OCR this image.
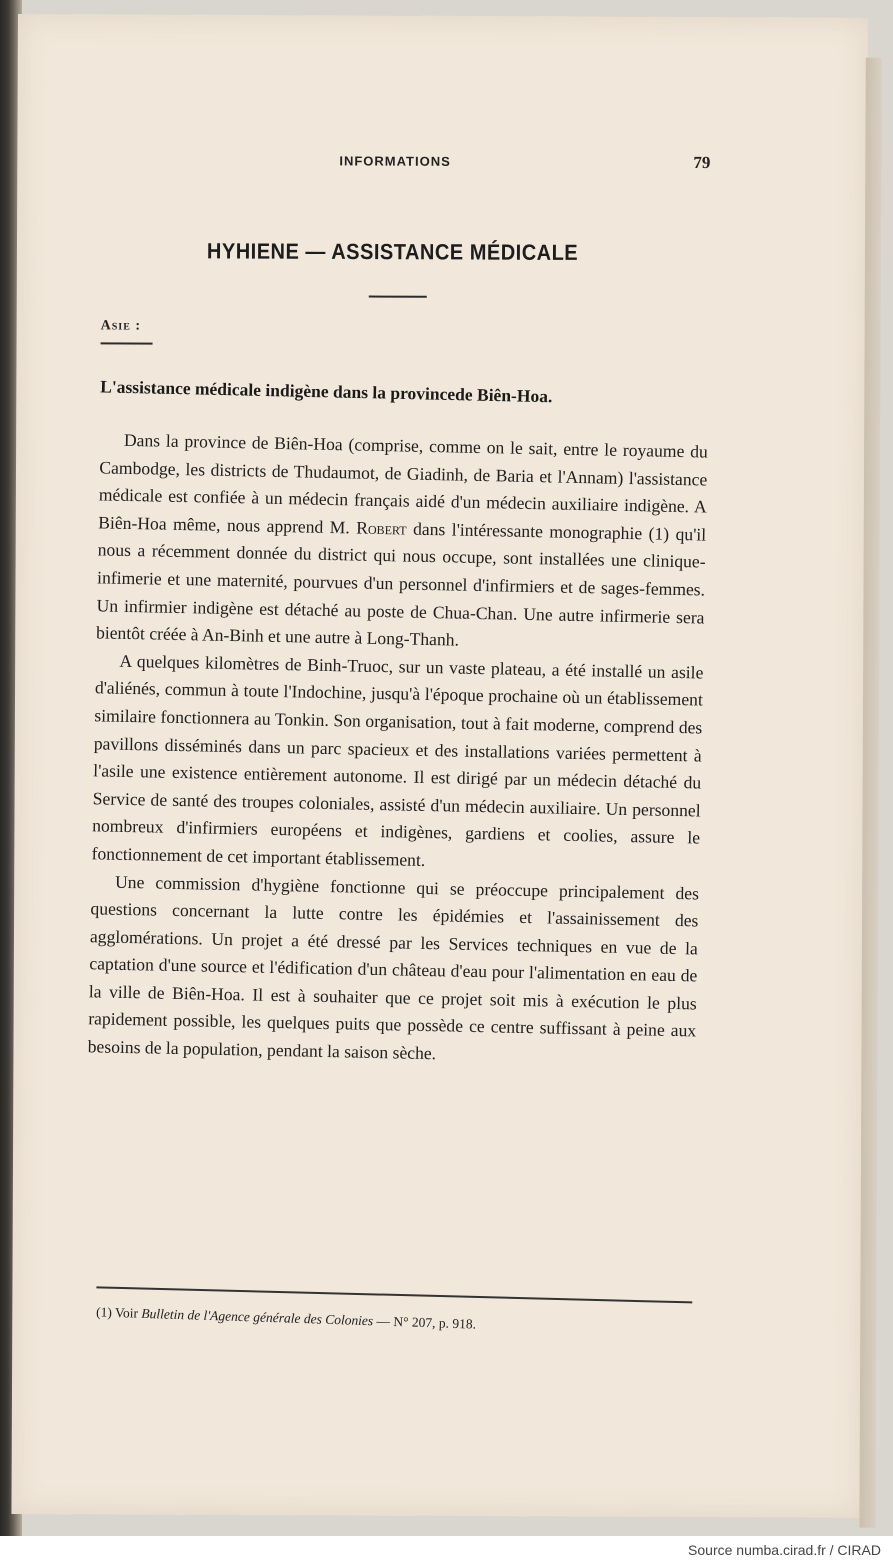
INFORMATIONS	79
HYHIENE — ASSISTANCE MÉDICALE
Asie :
L'assistance médicale indigène dans la provincede Biên-Hoa.

Dans la province de Biên-Hoa (comprise, comme on le sait, entre le royaume du Cambodge, les districts de Thudaumot, de Giadinh, de Baria et l'Annam) l'assistance médicale est confiée à un médecin français aidé d'un médecin auxiliaire indigène. A Biên-Hoa même, nous apprend M. Robert dans l'intéressante monographie (1) qu'il nous a récemment donnée du district qui nous occupe, sont installées une clinique-infimerie et une maternité, pourvues d'un personnel d'infirmiers et de sages-femmes. Un infirmier indigène est détaché au poste de Chua-Chan. Une autre infirmerie sera bientôt créée à An-Binh et une autre à Long-Thanh.

A quelques kilomètres de Binh-Truoc, sur un vaste plateau, a été installé un asile d'aliénés, commun à toute l'Indochine, jusqu'à l'époque prochaine où un établissement similaire fonctionnera au Tonkin. Son organisation, tout à fait moderne, comprend des pavillons disséminés dans un parc spacieux et des installations variées permettent à l'asile une existence entièrement autonome. Il est dirigé par un médecin détaché du Service de santé des troupes coloniales, assisté d'un médecin auxiliaire. Un personnel nombreux d'infirmiers européens et indigènes, gardiens et coolies, assure le fonctionnement de cet important établissement.

Une commission d'hygiène fonctionne qui se préoccupe principalement des questions concernant la lutte contre les épidémies et l'assainissement des agglomérations. Un projet a été dressé par les Services techniques en vue de la captation d'une source et l'édification d'un château d'eau pour l'alimentation en eau de la ville de Biên-Hoa. Il est à souhaiter que ce projet soit mis à exécution le plus rapidement possible, les quelques puits que possède ce centre suffissant à peine aux besoins de la population, pendant la saison sèche.

(1) Voir Bulletin de l'Agence générale des Colonies — N° 207, p. 918.
Source numba.cirad.fr / CIRAD
